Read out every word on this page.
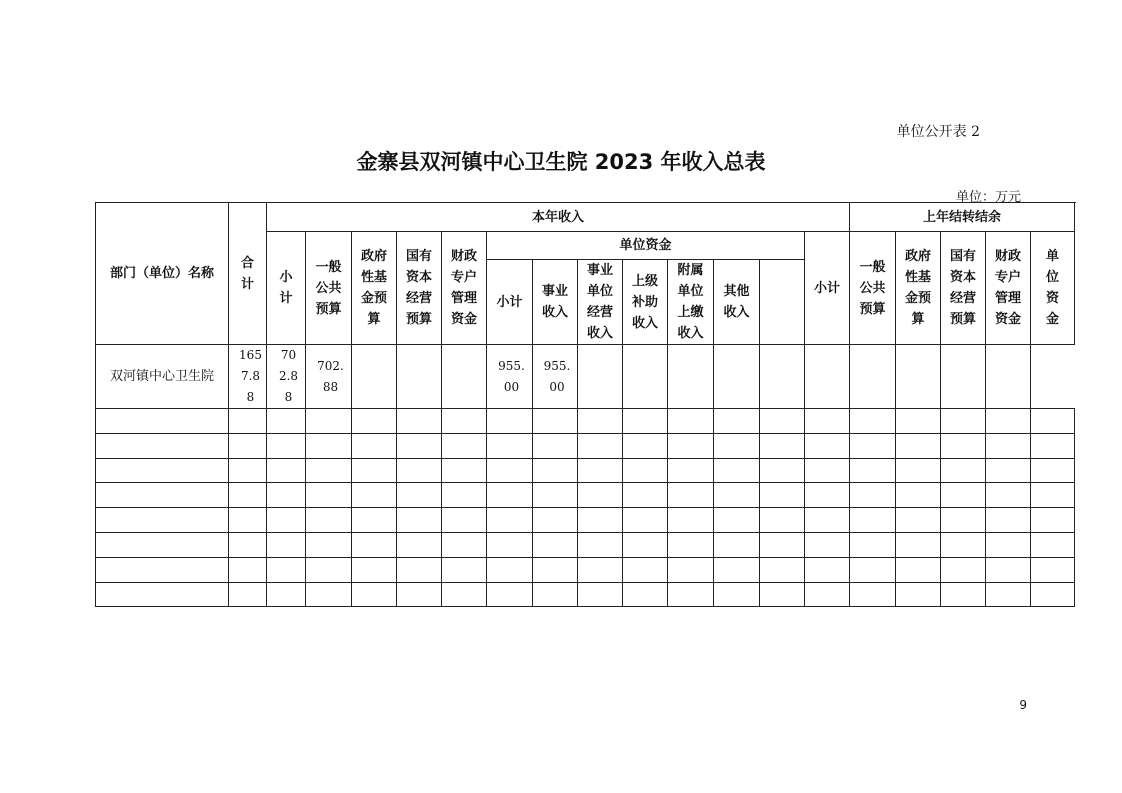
单位公开表 2
金寨县双河镇中心卫生院 2023 年收入总表
单位：万元
部门（单位）名称	合计	本年收入													上年结转结余				
		小计	一般公共预算	政府性基金预算	国有资本经营预算	财政专户管理资金	单位资金							小计	一般公共预算	政府性基金预算	国有资本经营预算	财政专户管理资金	单位资金
							小计	事业收入	事业单位经营收入	上级补助收入	附属单位上缴收入	其他收入							
双河镇中心卫生院	1657.88	702.88	702.88				955.00	955.00											

9
